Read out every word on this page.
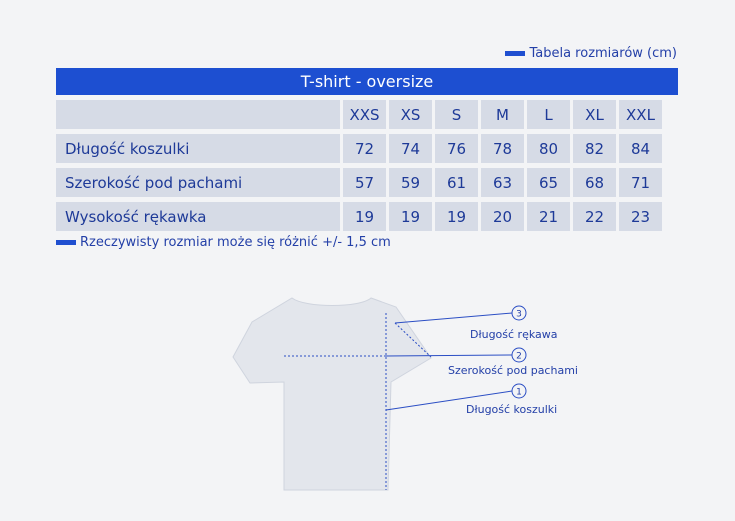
Tabela rozmiarów (cm)
T-shirt - oversize
XXS	XS	S	M	L	XL	XXL
Długość koszulki	72	74	76	78	80	82	84
Szerokość pod pachami	57	59	61	63	65	68	71
Wysokość rękawka	19	19	19	20	21	22	23
Rzeczywisty rozmiar może się różnić +/- 1,5 cm
3
2
1
Długość rękawa
Szerokość pod pachami
Długość koszulki
